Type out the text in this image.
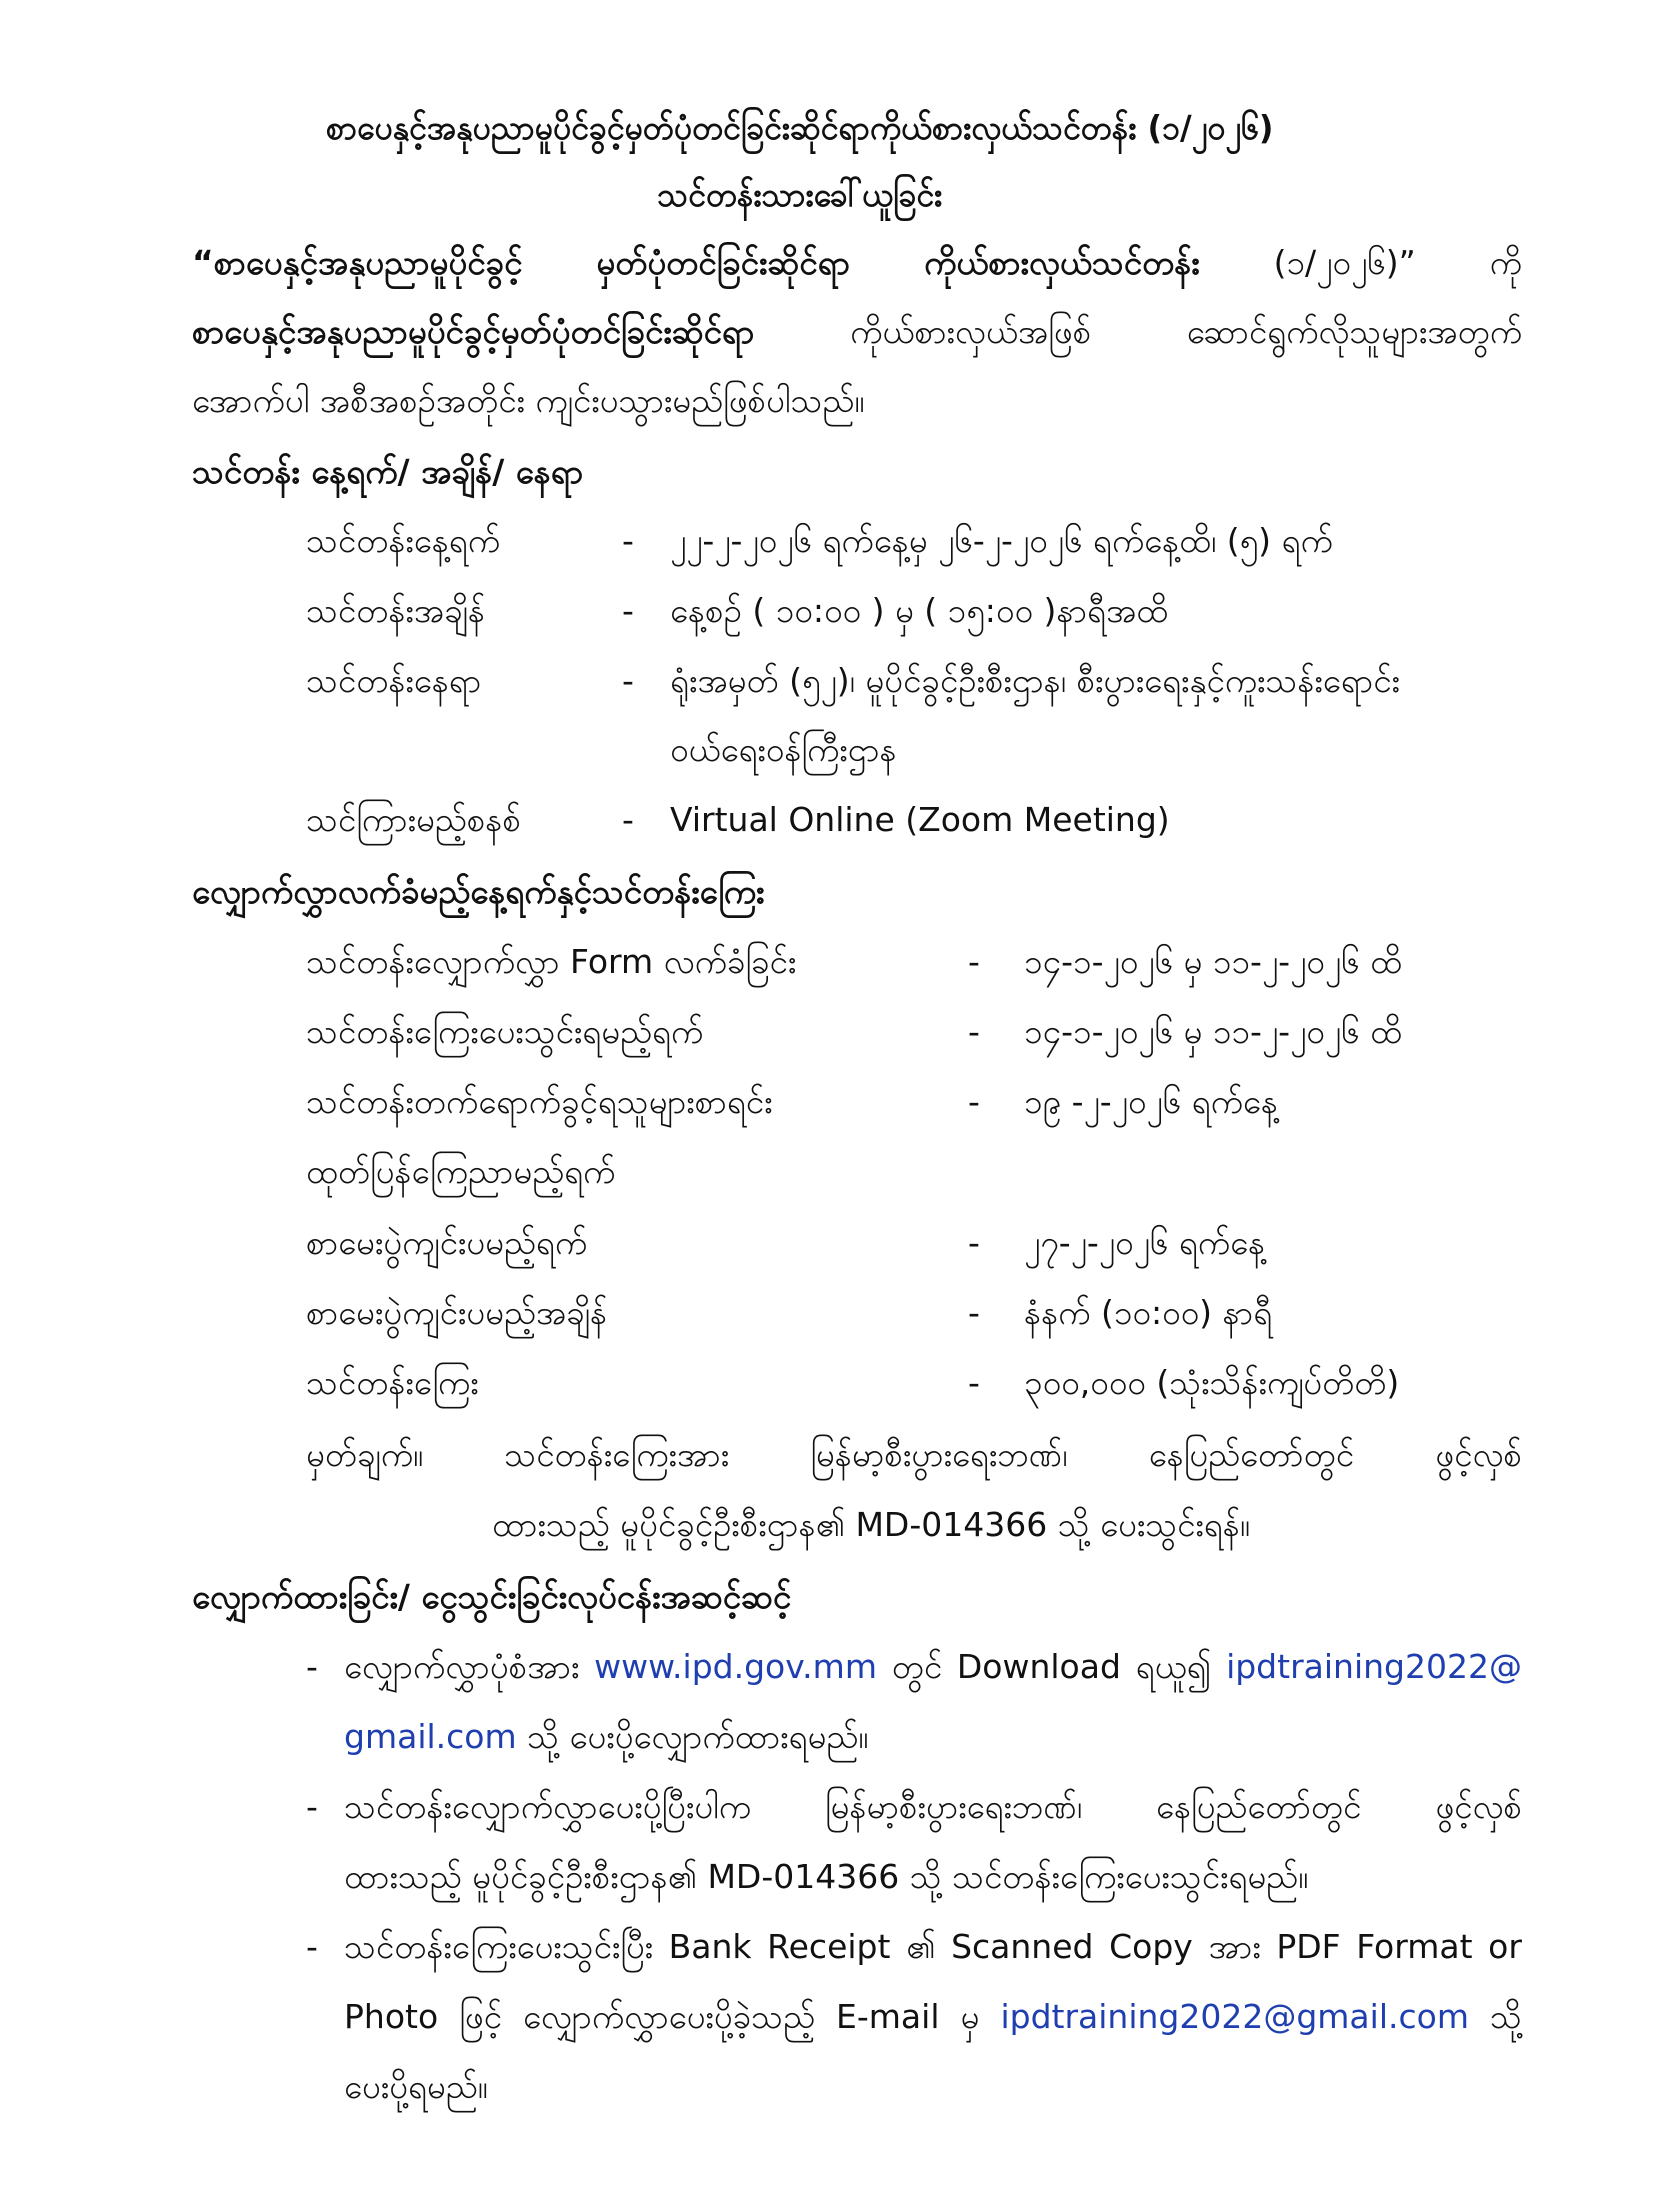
စာပေနှင့်အနုပညာမူပိုင်ခွင့်မှတ်ပုံတင်ခြင်းဆိုင်ရာကိုယ်စားလှယ်သင်တန်း (၁/၂၀၂၆)
သင်တန်းသားခေါ်ယူခြင်း
“စာပေနှင့်အနုပညာမူပိုင်ခွင့် မှတ်ပုံတင်ခြင်းဆိုင်ရာ ကိုယ်စားလှယ်သင်တန်း (၁/၂၀၂၆)” ကို
စာပေနှင့်အနုပညာမူပိုင်ခွင့်မှတ်ပုံတင်ခြင်းဆိုင်ရာ	ကိုယ်စားလှယ်အဖြစ်	ဆောင်ရွက်လိုသူများအတွက်
အောက်ပါ အစီအစဉ်အတိုင်း ကျင်းပသွားမည်ဖြစ်ပါသည်။
သင်တန်း နေ့ရက်/ အချိန်/ နေရာ
သင်တန်းနေ့ရက်	- ၂၂-၂-၂၀၂၆ ရက်နေ့မှ ၂၆-၂-၂၀၂၆ ရက်နေ့ထိ၊ (၅) ရက်
သင်တန်းအချိန်	- နေ့စဉ် ( ၁၀:၀၀ ) မှ ( ၁၅:၀၀ )နာရီအထိ
သင်တန်းနေရာ	- ရုံးအမှတ် (၅၂)၊ မူပိုင်ခွင့်ဦးစီးဌာန၊ စီးပွားရေးနှင့်ကူးသန်းရောင်း
ဝယ်ရေးဝန်ကြီးဌာန
သင်ကြားမည့်စနစ်	- Virtual Online (Zoom Meeting)
လျှောက်လွှာလက်ခံမည့်နေ့ရက်နှင့်သင်တန်းကြေး
သင်တန်းလျှောက်လွှာ Form လက်ခံခြင်း	- ၁၄-၁-၂၀၂၆ မှ ၁၁-၂-၂၀၂၆ ထိ
သင်တန်းကြေးပေးသွင်းရမည့်ရက်	- ၁၄-၁-၂၀၂၆ မှ ၁၁-၂-၂၀၂၆ ထိ
သင်တန်းတက်ရောက်ခွင့်ရသူများစာရင်း	- ၁၉ -၂-၂၀၂၆ ရက်နေ့
ထုတ်ပြန်ကြေညာမည့်ရက်
စာမေးပွဲကျင်းပမည့်ရက်	- ၂၇-၂-၂၀၂၆ ရက်နေ့
စာမေးပွဲကျင်းပမည့်အချိန်	- နံနက် (၁၀:၀၀) နာရီ
သင်တန်းကြေး	- ၃၀၀,၀၀၀ (သုံးသိန်းကျပ်တိတိ)
မှတ်ချက်။ သင်တန်းကြေးအား မြန်မာ့စီးပွားရေးဘဏ်၊ နေပြည်တော်တွင် ဖွင့်လှစ်
ထားသည့် မူပိုင်ခွင့်ဦးစီးဌာန၏ MD-014366 သို့ ပေးသွင်းရန်။
လျှောက်ထားခြင်း/ ငွေသွင်းခြင်းလုပ်ငန်းအဆင့်ဆင့်
- လျှောက်လွှာပုံစံအား www.ipd.gov.mm တွင် Download ရယူ၍ ipdtraining2022@
gmail.com သို့ ပေးပို့လျှောက်ထားရမည်။
- သင်တန်းလျှောက်လွှာပေးပို့ပြီးပါက မြန်မာ့စီးပွားရေးဘဏ်၊ နေပြည်တော်တွင် ဖွင့်လှစ်
ထားသည့် မူပိုင်ခွင့်ဦးစီးဌာန၏ MD-014366 သို့ သင်တန်းကြေးပေးသွင်းရမည်။
- သင်တန်းကြေးပေးသွင်းပြီး Bank Receipt ၏ Scanned Copy အား PDF Format or
Photo ဖြင့် လျှောက်လွှာပေးပို့ခဲ့သည့် E-mail မှ ipdtraining2022@gmail.com သို့
ပေးပို့ရမည်။
